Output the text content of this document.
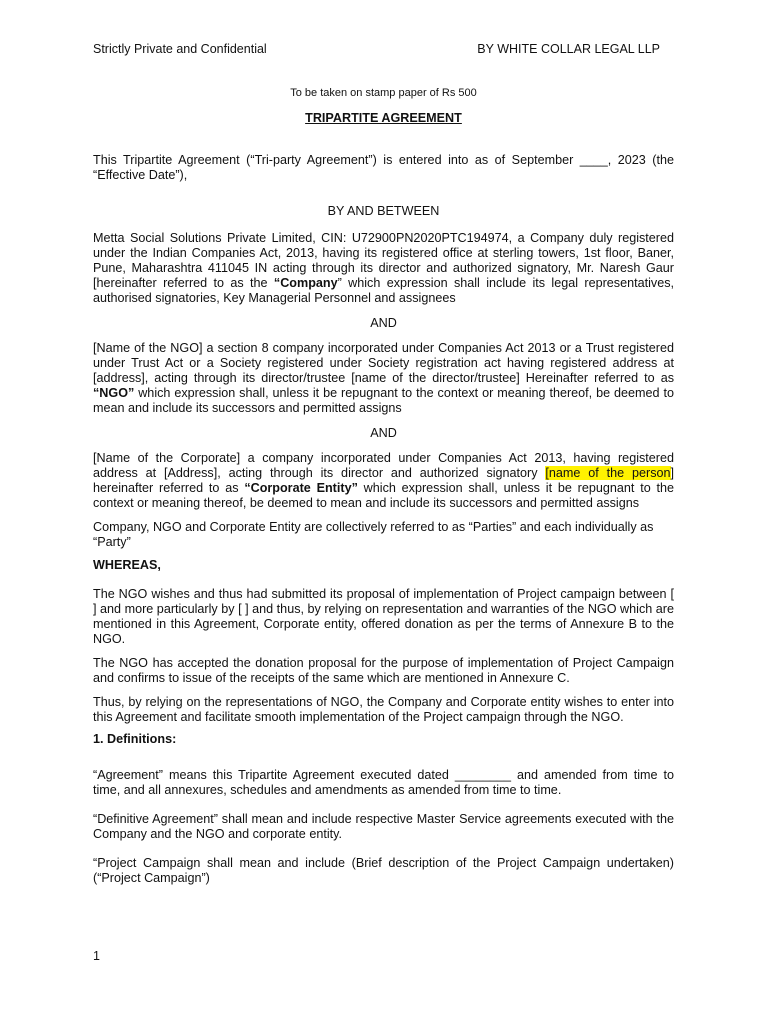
Strictly Private and Confidential	BY WHITE COLLAR LEGAL LLP

To be taken on stamp paper of Rs 500

TRIPARTITE AGREEMENT

This Tripartite Agreement (“Tri-party Agreement”) is entered into as of September ____, 2023 (the “Effective Date”),

BY AND BETWEEN

Metta Social Solutions Private Limited, CIN: U72900PN2020PTC194974, a Company duly registered under the Indian Companies Act, 2013, having its registered office at sterling towers, 1st floor, Baner, Pune, Maharashtra 411045 IN acting through its director and authorized signatory, Mr. Naresh Gaur [hereinafter referred to as the “Company” which expression shall include its legal representatives, authorised signatories, Key Managerial Personnel and assignees

AND

[Name of the NGO] a section 8 company incorporated under Companies Act 2013 or a Trust registered under Trust Act or a Society registered under Society registration act having registered address at [address], acting through its director/trustee [name of the director/trustee] Hereinafter referred to as “NGO” which expression shall, unless it be repugnant to the context or meaning thereof, be deemed to mean and include its successors and permitted assigns

AND

[Name of the Corporate] a company incorporated under Companies Act 2013, having registered address at [Address], acting through its director and authorized signatory [name of the person] hereinafter referred to as “Corporate Entity” which expression shall, unless it be repugnant to the context or meaning thereof, be deemed to mean and include its successors and permitted assigns

Company, NGO and Corporate Entity are collectively referred to as “Parties” and each individually as “Party”

WHEREAS,

The NGO wishes and thus had submitted its proposal of implementation of Project campaign between [ ] and more particularly by [ ] and thus, by relying on representation and warranties of the NGO which are mentioned in this Agreement, Corporate entity, offered donation as per the terms of Annexure B to the NGO.

The NGO has accepted the donation proposal for the purpose of implementation of Project Campaign and confirms to issue of the receipts of the same which are mentioned in Annexure C.

Thus, by relying on the representations of NGO, the Company and Corporate entity wishes to enter into this Agreement and facilitate smooth implementation of the Project campaign through the NGO.

1. Definitions:

“Agreement” means this Tripartite Agreement executed dated ________ and amended from time to time, and all annexures, schedules and amendments as amended from time to time.

“Definitive Agreement” shall mean and include respective Master Service agreements executed with the Company and the NGO and corporate entity.

“Project Campaign shall mean and include (Brief description of the Project Campaign undertaken) (“Project Campaign”)

1
